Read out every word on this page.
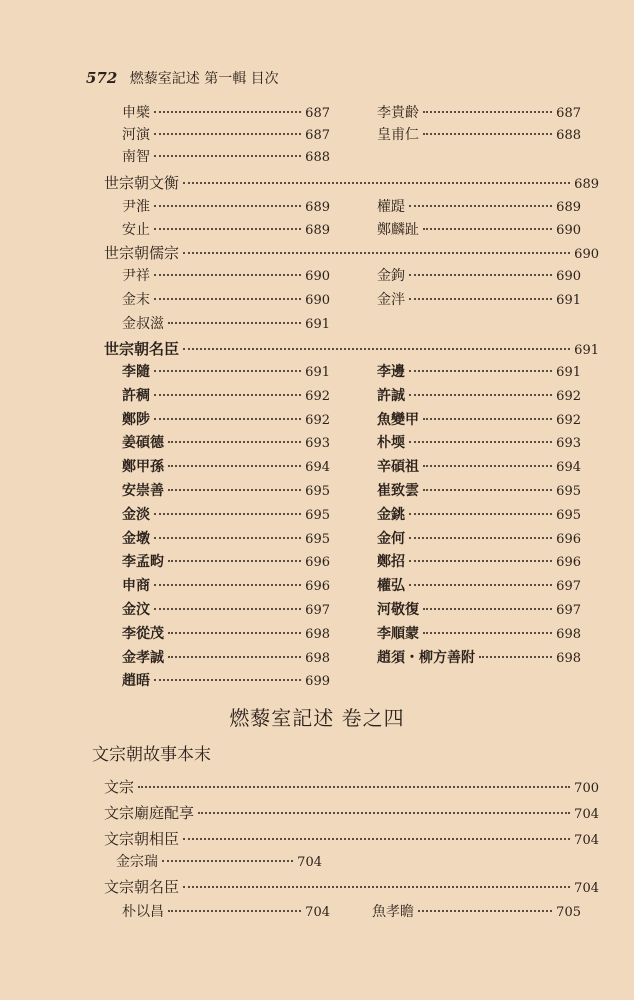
572 燃藜室記述 第一輯 目次
申檗	687	李貴齡	687
河演	687	皇甫仁	688
南智	688
世宗朝文衡	689
尹淮	689	權踶	689
安止	689	鄭麟趾	690
世宗朝儒宗	690
尹祥	690	金鉤	690
金末	690	金泮	691
金叔滋	691
世宗朝名臣	691
李隨	691	李邊	691
許稠	692	許誠	692
鄭陟	692	魚變甲	692
姜碩德	693	朴堧	693
鄭甲孫	694	辛碩祖	694
安崇善	695	崔致雲	695
金淡	695	金銚	695
金墩	695	金何	696
李孟畇	696	鄭招	696
申商	696	權弘	697
金汶	697	河敬復	697
李從茂	698	李順蒙	698
金孝誠	698	趙須・柳方善附	698
趙晤	699
文宗	700
文宗廟庭配享	704
文宗朝相臣	704
金宗瑞	704
文宗朝名臣	704
朴以昌	704	魚孝瞻	705
燃藜室記述 卷之四
文宗朝故事本末
